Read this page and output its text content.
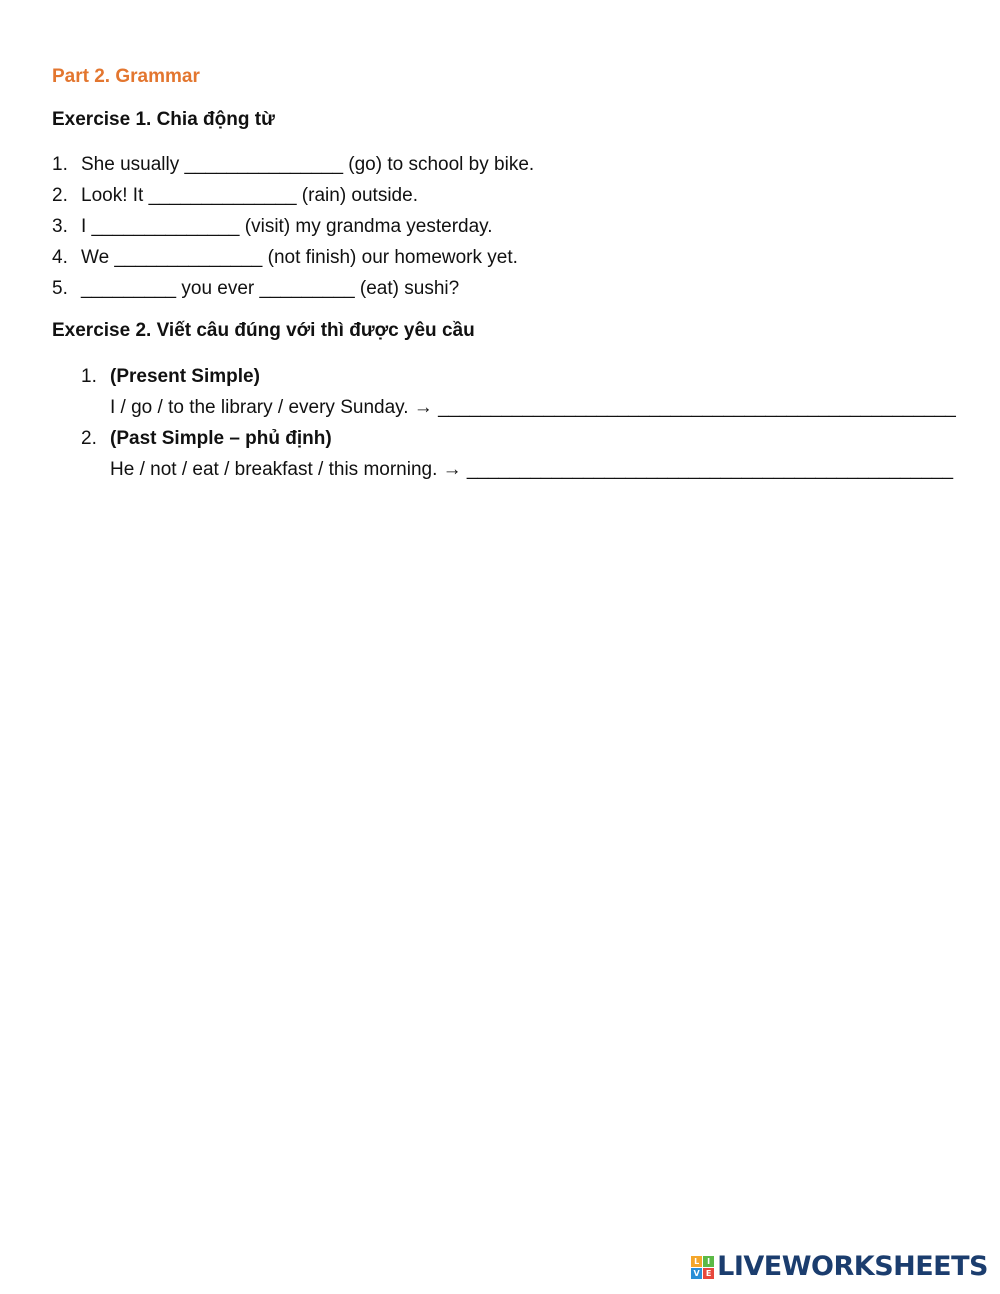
Part 2. Grammar
Exercise 1. Chia động từ
1. She usually _______________ (go) to school by bike.
2. Look! It ______________ (rain) outside.
3. I ______________ (visit) my grandma yesterday.
4. We ______________ (not finish) our homework yet.
5. _________ you ever _________ (eat) sushi?
Exercise 2. Viết câu đúng với thì được yêu cầu
1. (Present Simple)
I / go / to the library / every Sunday. → _________________________________________________
2. (Past Simple – phủ định)
He / not / eat / breakfast / this morning. → ______________________________________________
L I
V E LIVEWORKSHEETS
